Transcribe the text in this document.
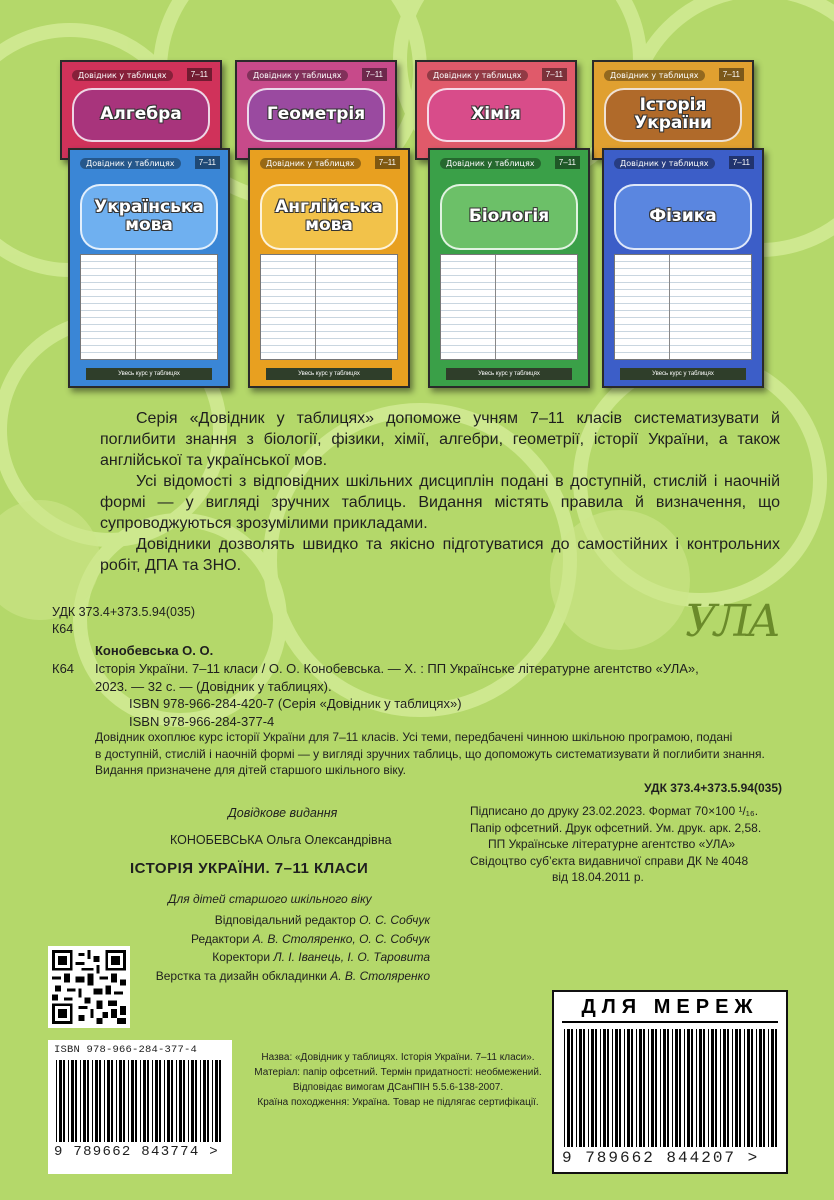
Довідник у таблицях	7–11
Алгебра
Довідник у таблицях	7–11
Геометрія
Довідник у таблицях	7–11
Хімія
Довідник у таблицях	7–11
Історія України
Довідник у таблицях	7–11
Українська мова
Увесь курс у таблицях
Довідник у таблицях	7–11
Англійська мова
Увесь курс у таблицях
Довідник у таблицях	7–11
Біологія
Увесь курс у таблицях
Довідник у таблицях	7–11
Фізика
Увесь курс у таблицях

Серія «Довідник у таблицях» допоможе учням 7–11 класів систематизувати й поглибити знання з біології, фізики, хімії, алгебри, геометрії, історії України, а також англійської та української мов.

Усі відомості з відповідних шкільних дисциплін подані в доступній, стислій і наочній формі — у вигляді зручних таблиць. Видання містять правила й визначення, що супроводжуються зрозумілими прикладами.

Довідники дозволять швидко та якісно підготуватися до самостійних і контрольних робіт, ДПА та ЗНО.

УДК 373.4+373.5.94(035)
К64	УЛА
Конобевська О. О.
К64 Історія України. 7–11 класи / О. О. Конобевська. — Х. : ПП Українське літературне агентство «УЛА»,
2023. — 32 с. — (Довідник у таблицях).
ISBN 978-966-284-420-7 (Серія «Довідник у таблицях»)
ISBN 978-966-284-377-4
Довідник охоплює курс історії України для 7–11 класів. Усі теми, передбачені чинною шкільною програмою, подані
в доступній, стислій і наочній формі — у вигляді зручних таблиць, що допоможуть систематизувати й поглибити знання.
Видання призначене для дітей старшого шкільного віку.
УДК 373.4+373.5.94(035)
Довідкове видання
КОНОБЕВСЬКА Ольга Олександрівна
ІСТОРІЯ УКРАЇНИ. 7–11 КЛАСИ
Для дітей старшого шкільного віку
Відповідальний редактор О. С. Собчук
Редактори А. В. Столяренко, О. С. Собчук
Коректори Л. І. Іванець, І. О. Таровита
Верстка та дизайн обкладинки А. В. Столяренко
Підписано до друку 23.02.2023. Формат 70×100 ¹/₁₆.
Папір офсетний. Друк офсетний. Ум. друк. арк. 2,58.
ПП Українське літературне агентство «УЛА»
Свідоцтво суб’єкта видавничої справи ДК № 4048
від 18.04.2011 р.
ISBN 978-966-284-377-4
9 789662 843774 >
Назва: «Довідник у таблицях. Історія України. 7–11 класи».
Матеріал: папір офсетний. Термін придатності: необмежений.
Відповідає вимогам ДСанПІН 5.5.6-138-2007.
Країна походження: Україна. Товар не підлягає сертифікації.
ДЛЯ МЕРЕЖ
9 789662 844207 >
